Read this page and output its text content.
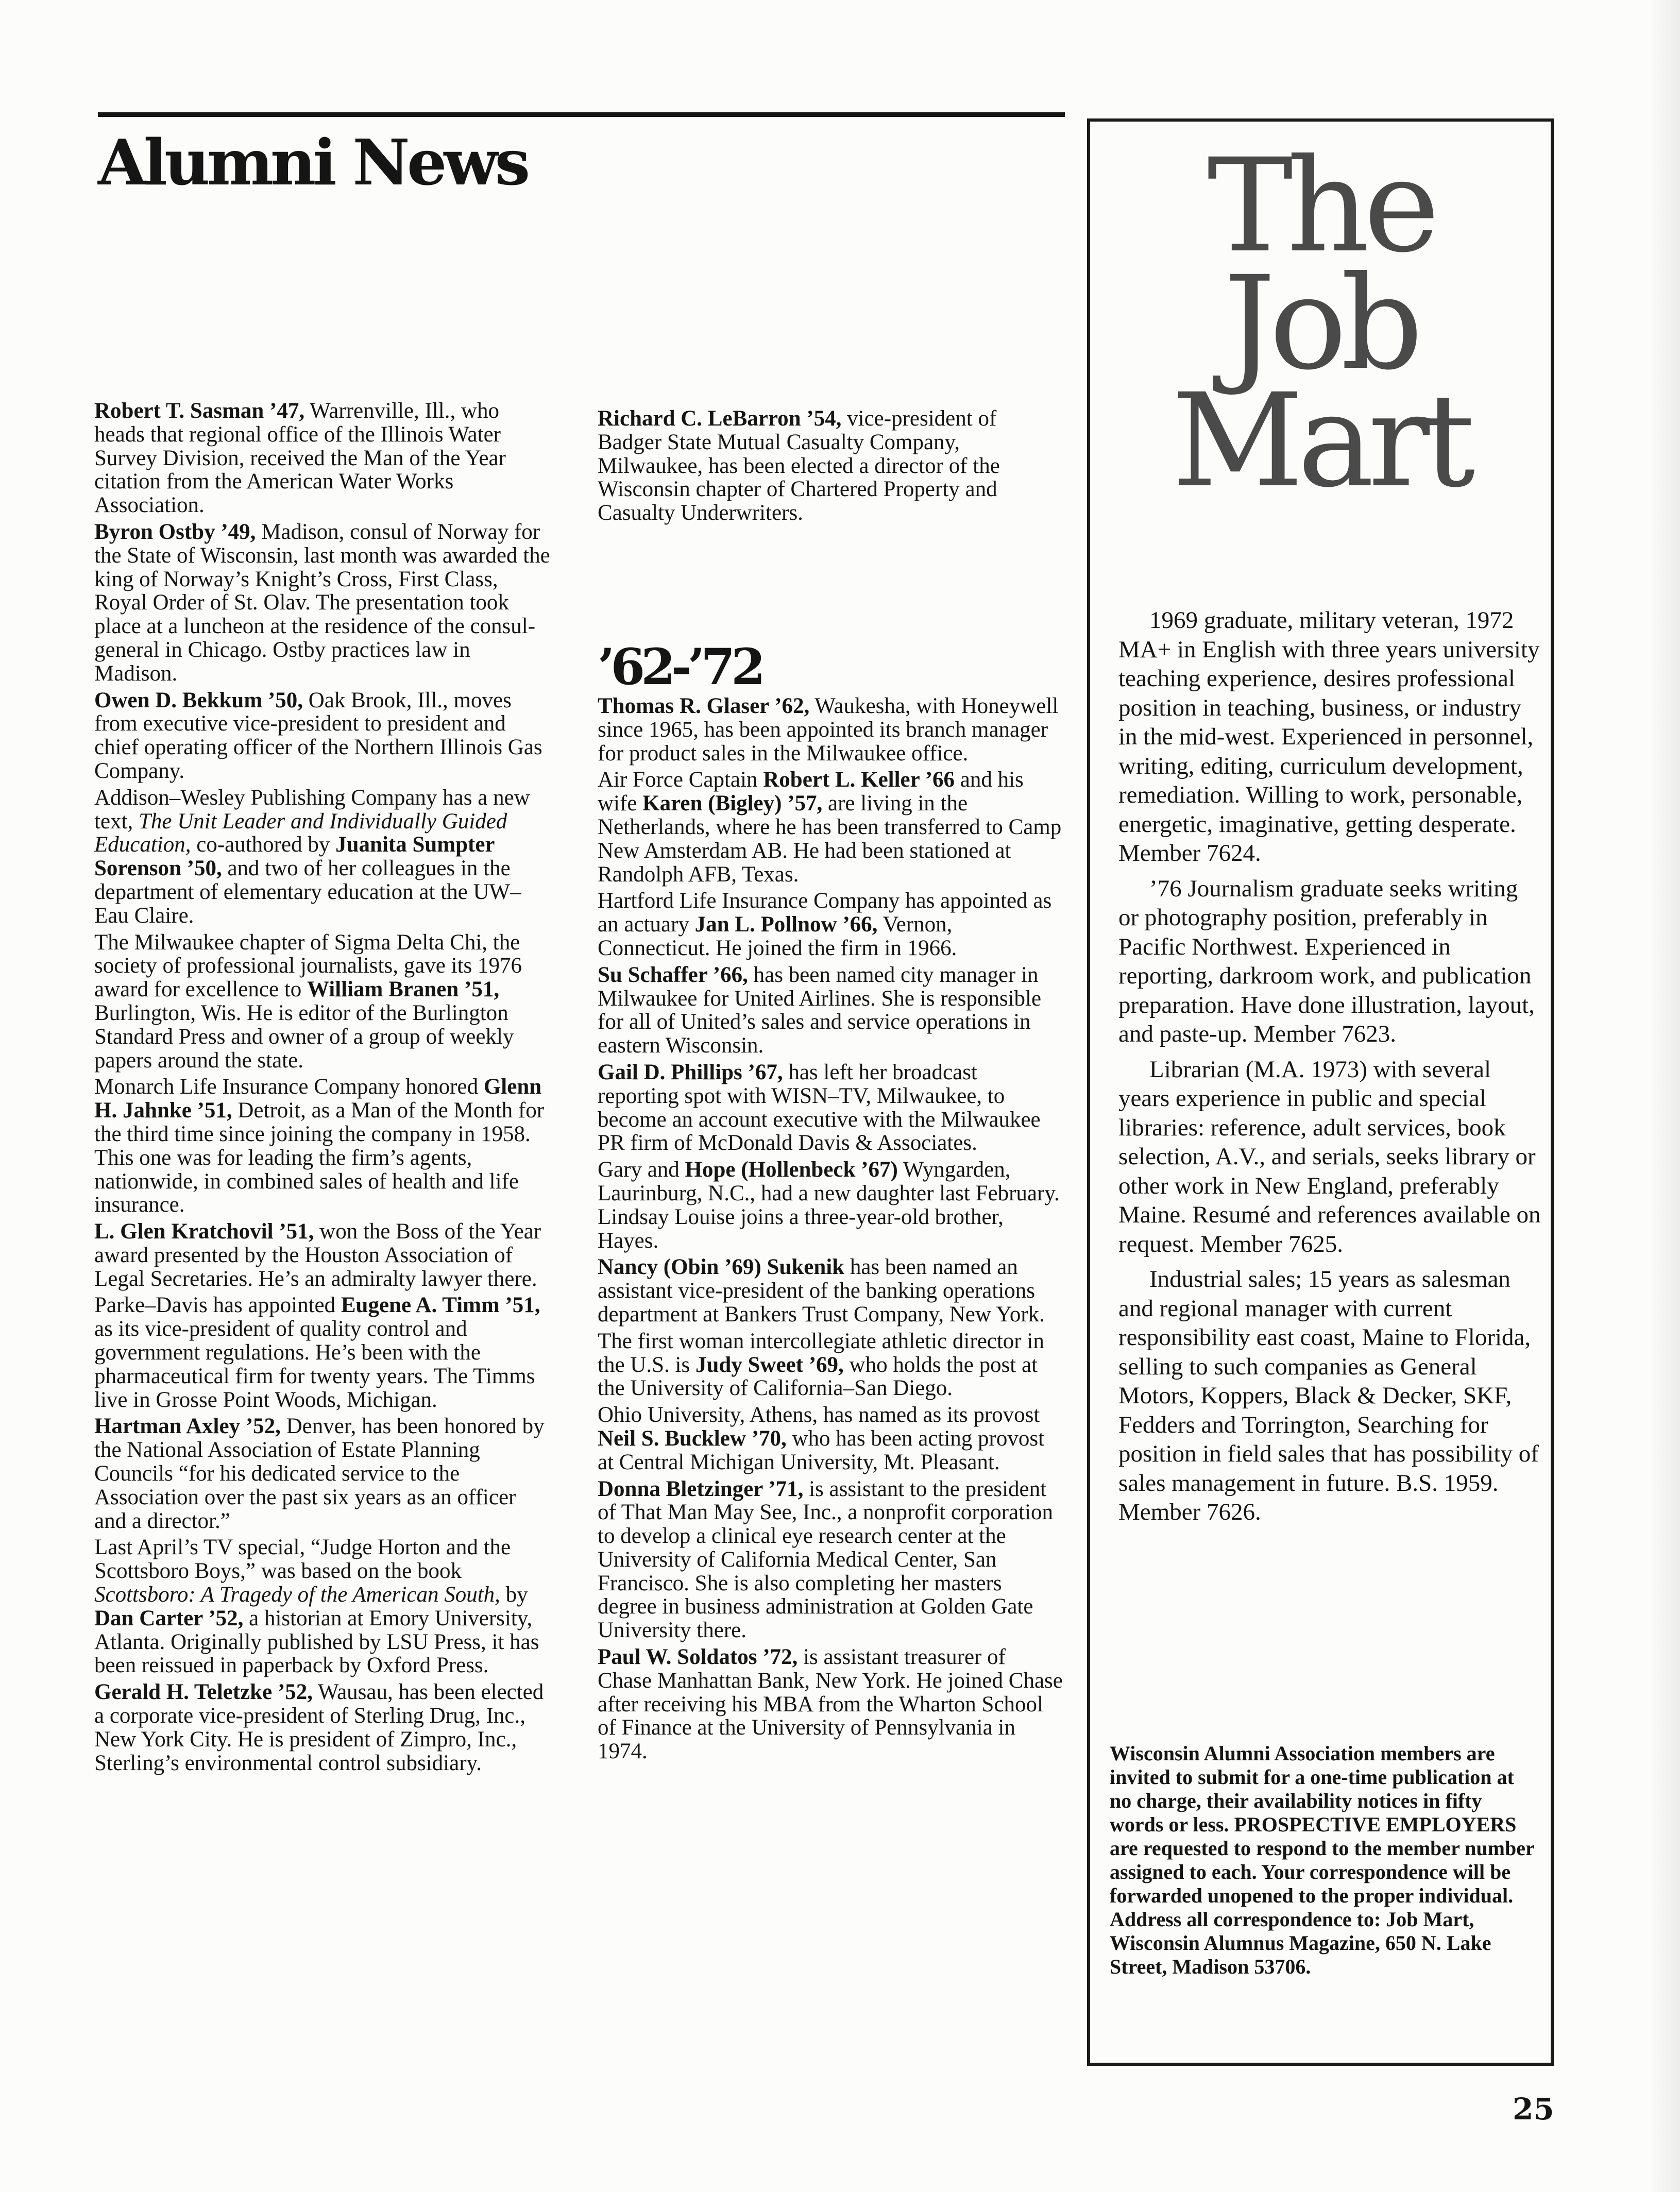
Alumni News

Robert T. Sasman ’47, Warrenville, Ill., who heads that regional office of the Illinois Water Survey Division, received the Man of the Year citation from the American Water Works Association.

Byron Ostby ’49, Madison, consul of Norway for the State of Wisconsin, last month was awarded the king of Norway’s Knight’s Cross, First Class, Royal Order of St. Olav. The presentation took place at a luncheon at the residence of the consul-general in Chicago. Ostby practices law in Madison.

Owen D. Bekkum ’50, Oak Brook, Ill., moves from executive vice-president to president and chief operating officer of the Northern Illinois Gas Company.

Addison–Wesley Publishing Company has a new text, The Unit Leader and Individually Guided Education, co-authored by Juanita Sumpter Sorenson ’50, and two of her colleagues in the department of elementary education at the UW–Eau Claire.

The Milwaukee chapter of Sigma Delta Chi, the society of professional journalists, gave its 1976 award for excellence to William Branen ’51, Burlington, Wis. He is editor of the Burlington Standard Press and owner of a group of weekly papers around the state.

Monarch Life Insurance Company honored Glenn H. Jahnke ’51, Detroit, as a Man of the Month for the third time since joining the company in 1958. This one was for leading the firm’s agents, nationwide, in combined sales of health and life insurance.

L. Glen Kratchovil ’51, won the Boss of the Year award presented by the Houston Association of Legal Secretaries. He’s an admiralty lawyer there.

Parke–Davis has appointed Eugene A. Timm ’51, as its vice-president of quality control and government regulations. He’s been with the pharmaceutical firm for twenty years. The Timms live in Grosse Point Woods, Michigan.

Hartman Axley ’52, Denver, has been honored by the National Association of Estate Planning Councils “for his dedicated service to the Association over the past six years as an officer and a director.”

Last April’s TV special, “Judge Horton and the Scottsboro Boys,” was based on the book Scottsboro: A Tragedy of the American South, by Dan Carter ’52, a historian at Emory University, Atlanta. Originally published by LSU Press, it has been reissued in paperback by Oxford Press.

Gerald H. Teletzke ’52, Wausau, has been elected a corporate vice-president of Sterling Drug, Inc., New York City. He is president of Zimpro, Inc., Sterling’s environmental control subsidiary.

Richard C. LeBarron ’54, vice-president of Badger State Mutual Casualty Company, Milwaukee, has been elected a director of the Wisconsin chapter of Chartered Property and Casualty Underwriters.

’62-’72

Thomas R. Glaser ’62, Waukesha, with Honeywell since 1965, has been appointed its branch manager for product sales in the Milwaukee office.

Air Force Captain Robert L. Keller ’66 and his wife Karen (Bigley) ’57, are living in the Netherlands, where he has been transferred to Camp New Amsterdam AB. He had been stationed at Randolph AFB, Texas.

Hartford Life Insurance Company has appointed as an actuary Jan L. Pollnow ’66, Vernon, Connecticut. He joined the firm in 1966.

Su Schaffer ’66, has been named city manager in Milwaukee for United Airlines. She is responsible for all of United’s sales and service operations in eastern Wisconsin.

Gail D. Phillips ’67, has left her broadcast reporting spot with WISN–TV, Milwaukee, to become an account executive with the Milwaukee PR firm of McDonald Davis & Associates.

Gary and Hope (Hollenbeck ’67) Wyngarden, Laurinburg, N.C., had a new daughter last February. Lindsay Louise joins a three-year-old brother, Hayes.

Nancy (Obin ’69) Sukenik has been named an assistant vice-president of the banking operations department at Bankers Trust Company, New York.

The first woman intercollegiate athletic director in the U.S. is Judy Sweet ’69, who holds the post at the University of California–San Diego.

Ohio University, Athens, has named as its provost Neil S. Bucklew ’70, who has been acting provost at Central Michigan University, Mt. Pleasant.

Donna Bletzinger ’71, is assistant to the president of That Man May See, Inc., a nonprofit corporation to develop a clinical eye research center at the University of California Medical Center, San Francisco. She is also completing her masters degree in business administration at Golden Gate University there.

Paul W. Soldatos ’72, is assistant treasurer of Chase Manhattan Bank, New York. He joined Chase after receiving his MBA from the Wharton School of Finance at the University of Pennsylvania in 1974.

The
Job
Mart

1969 graduate, military veteran, 1972 MA+ in English with three years university teaching experience, desires professional position in teaching, business, or industry in the mid-west. Experienced in personnel, writing, editing, curriculum development, remediation. Willing to work, personable, energetic, imaginative, getting desperate. Member 7624.

’76 Journalism graduate seeks writing or photography position, preferably in Pacific Northwest. Experienced in reporting, darkroom work, and publication preparation. Have done illustration, layout, and paste-up. Member 7623.

Librarian (M.A. 1973) with several years experience in public and special libraries: reference, adult services, book selection, A.V., and serials, seeks library or other work in New England, preferably Maine. Resumé and references available on request. Member 7625.

Industrial sales; 15 years as salesman and regional manager with current responsibility east coast, Maine to Florida, selling to such companies as General Motors, Koppers, Black & Decker, SKF, Fedders and Torrington, Searching for position in field sales that has possibility of sales management in future. B.S. 1959. Member 7626.

Wisconsin Alumni Association members are invited to submit for a one-time publication at no charge, their availability notices in fifty words or less. PROSPECTIVE EMPLOYERS are requested to respond to the member number assigned to each. Your correspondence will be forwarded unopened to the proper individual. Address all correspondence to: Job Mart, Wisconsin Alumnus Magazine, 650 N. Lake Street, Madison 53706.

25
